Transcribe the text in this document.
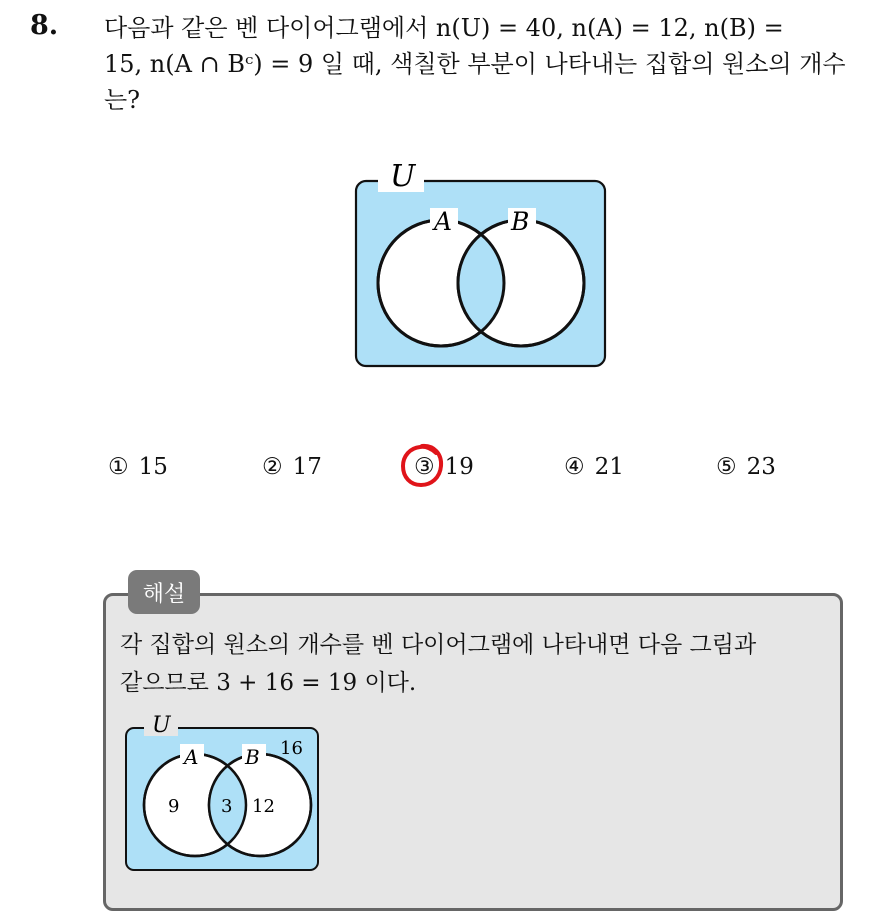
8. 다음과 같은 벤 다이어그램에서 n(U) = 40, n(A) = 12, n(B) =
15, n(A ∩ Bᶜ) = 9 일 때, 색칠한 부분이 나타내는 집합의 원소의 개수
는?
U
A B
① 15	② 17	③ 19	④ 21	⑤ 23
해설
각 집합의 원소의 개수를 벤 다이어그램에 나타내면 다음 그림과
같으므로 3 + 16 = 19 이다.
U
A B 16
9 3 12
